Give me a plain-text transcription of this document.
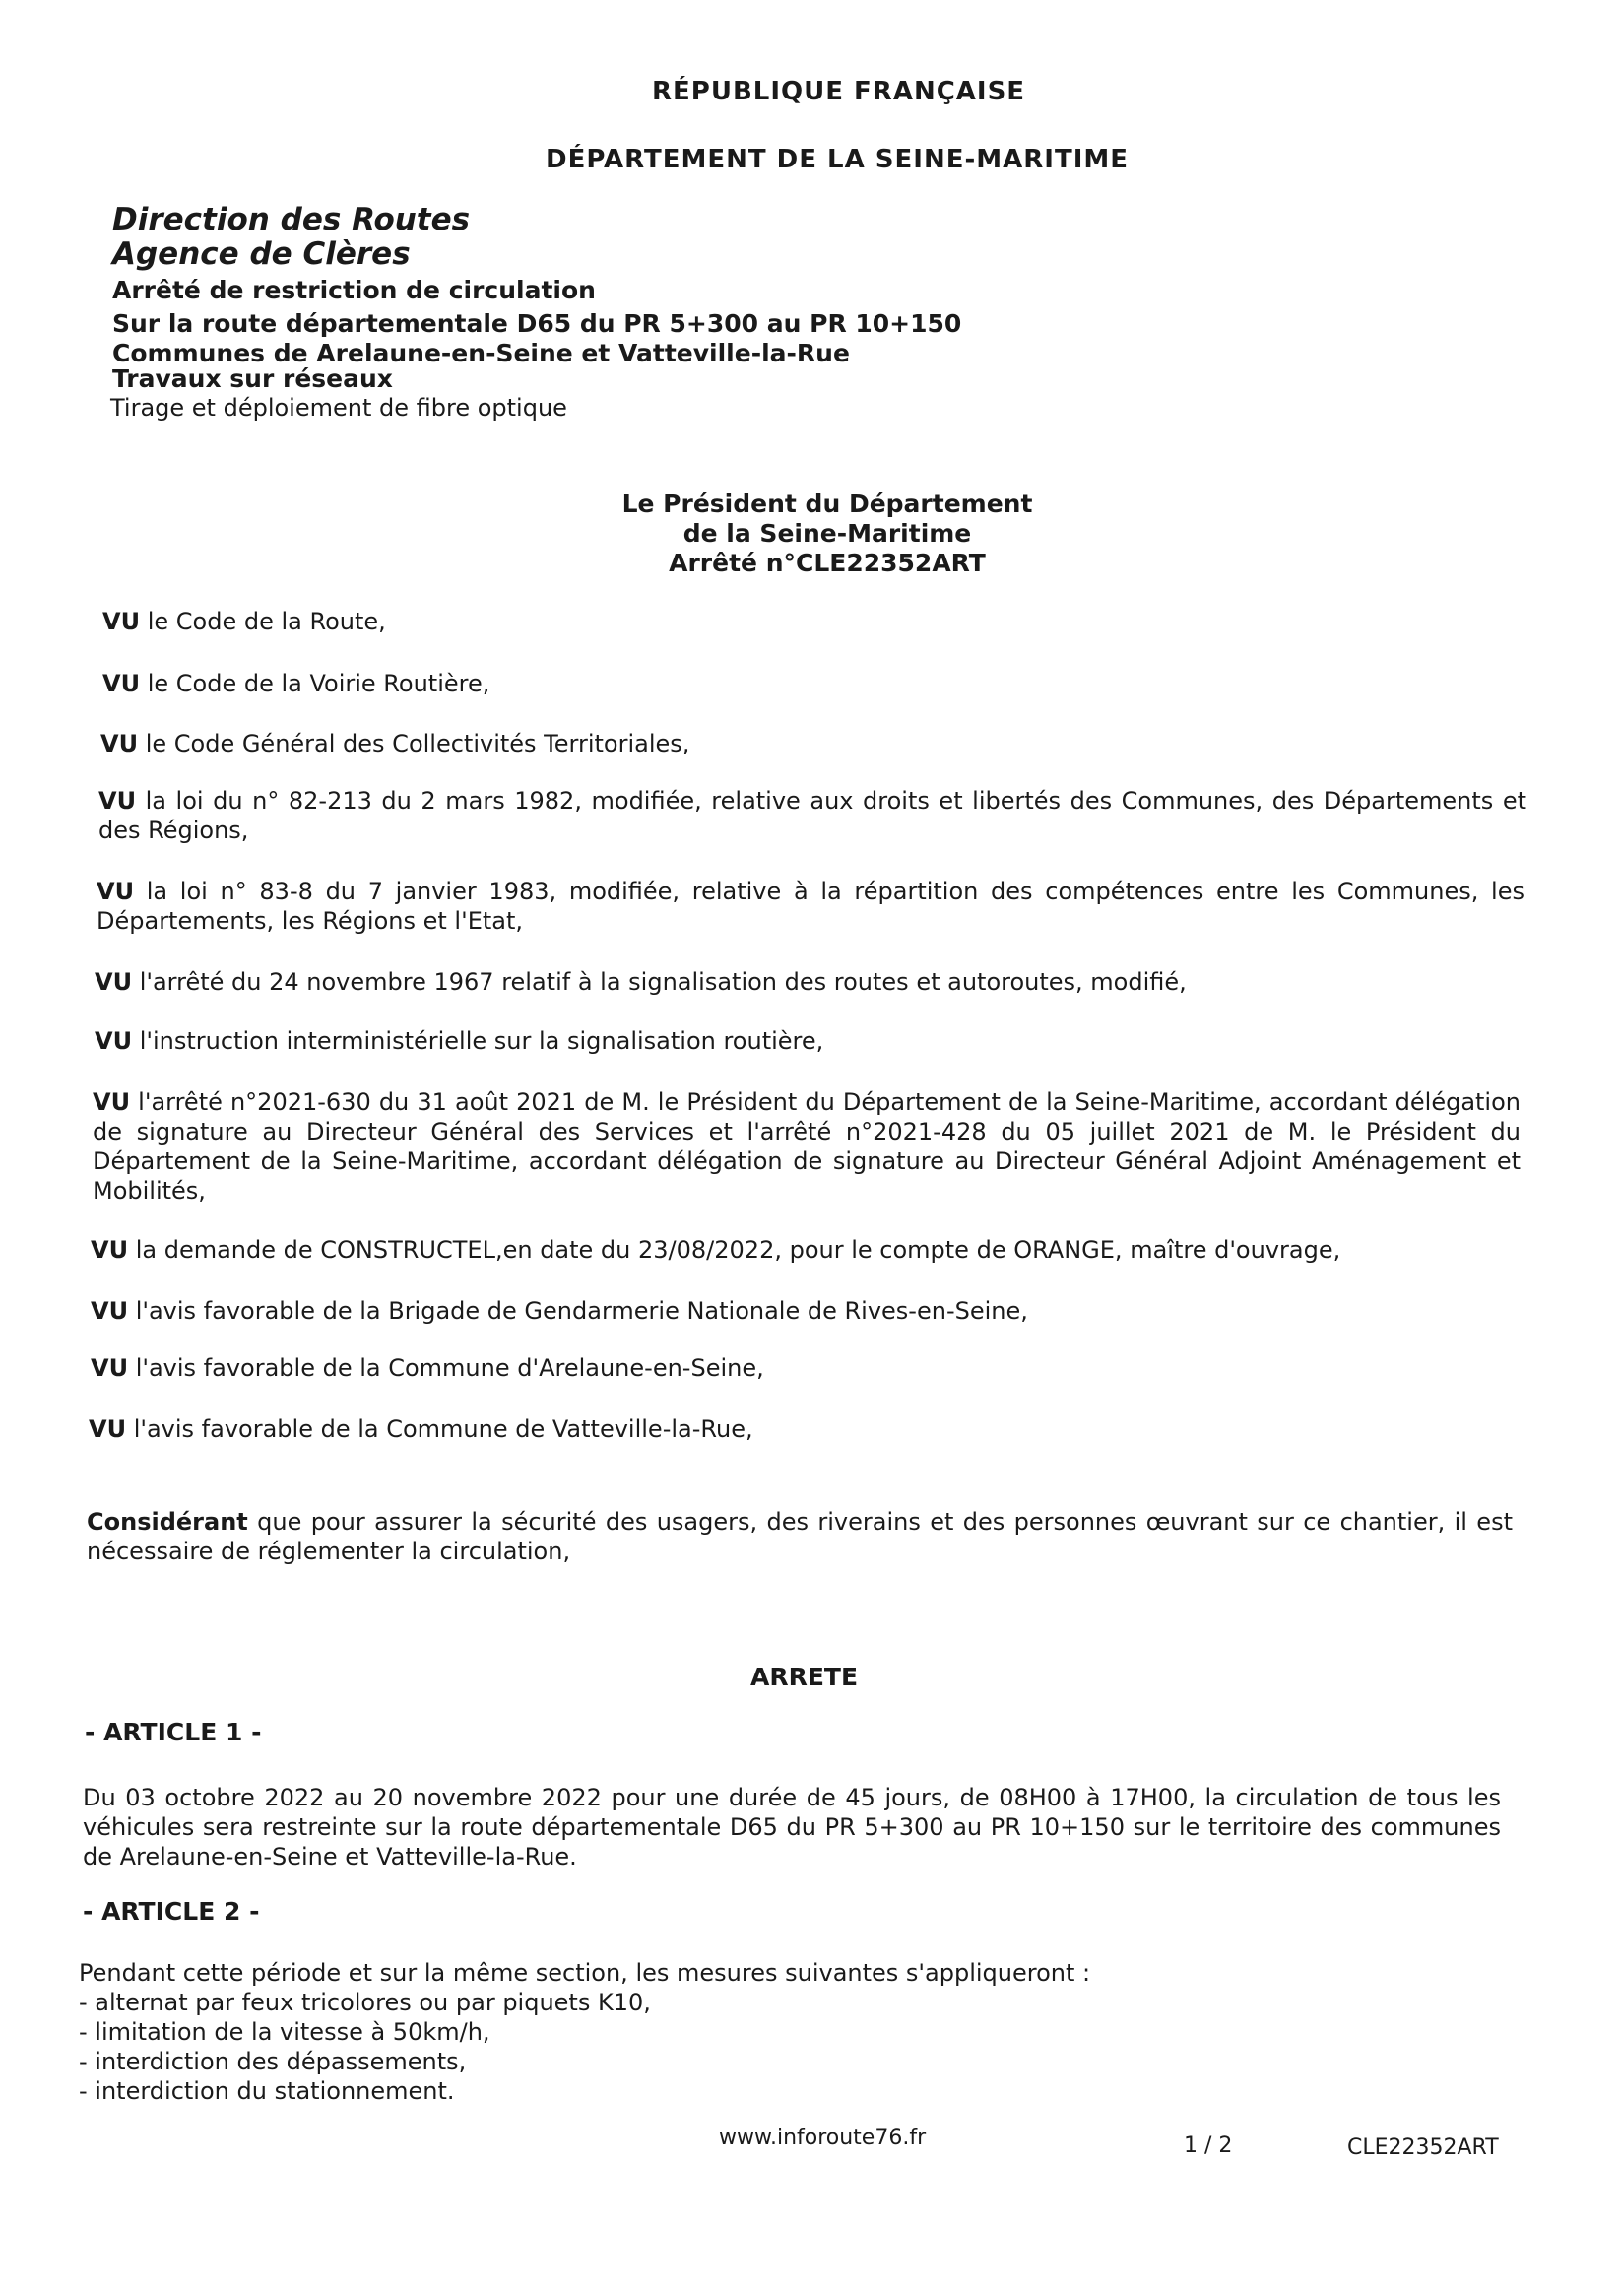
RÉPUBLIQUE FRANÇAISE
DÉPARTEMENT DE LA SEINE-MARITIME
Direction des Routes
Agence de Clères
Arrêté de restriction de circulation
Sur la route départementale D65 du PR 5+300 au PR 10+150
Communes de Arelaune-en-Seine et Vatteville-la-Rue
Travaux sur réseaux
Tirage et déploiement de fibre optique
Le Président du Département
de la Seine-Maritime
Arrêté n°CLE22352ART
VU le Code de la Route,
VU le Code de la Voirie Routière,
VU le Code Général des Collectivités Territoriales,
VU la loi du n° 82-213 du 2 mars 1982, modifiée, relative aux droits et libertés des Communes, des Départements et des Régions,
VU la loi n° 83-8 du 7 janvier 1983, modifiée, relative à la répartition des compétences entre les Communes, les Départements, les Régions et l'Etat,
VU l'arrêté du 24 novembre 1967 relatif à la signalisation des routes et autoroutes, modifié,
VU l'instruction interministérielle sur la signalisation routière,
VU l'arrêté n°2021-630 du 31 août 2021 de M. le Président du Département de la Seine-Maritime, accordant délégation de signature au Directeur Général des Services et l'arrêté n°2021-428 du 05 juillet 2021 de M. le Président du Département de la Seine-Maritime, accordant délégation de signature au Directeur Général Adjoint Aménagement et Mobilités,
VU la demande de CONSTRUCTEL,en date du 23/08/2022, pour le compte de ORANGE, maître d'ouvrage,
VU l'avis favorable de la Brigade de Gendarmerie Nationale de Rives-en-Seine,
VU l'avis favorable de la Commune d'Arelaune-en-Seine,
VU l'avis favorable de la Commune de Vatteville-la-Rue,
Considérant que pour assurer la sécurité des usagers, des riverains et des personnes œuvrant sur ce chantier, il est nécessaire de réglementer la circulation,
ARRETE
- ARTICLE 1 -
Du 03 octobre 2022 au 20 novembre 2022 pour une durée de 45 jours, de 08H00 à 17H00, la circulation de tous les véhicules sera restreinte sur la route départementale D65 du PR 5+300 au PR 10+150 sur le territoire des communes de Arelaune-en-Seine et Vatteville-la-Rue.
- ARTICLE 2 -
Pendant cette période et sur la même section, les mesures suivantes s'appliqueront :
- alternat par feux tricolores ou par piquets K10,
- limitation de la vitesse à 50km/h,
- interdiction des dépassements,
- interdiction du stationnement.
www.inforoute76.fr	1 / 2	CLE22352ART
